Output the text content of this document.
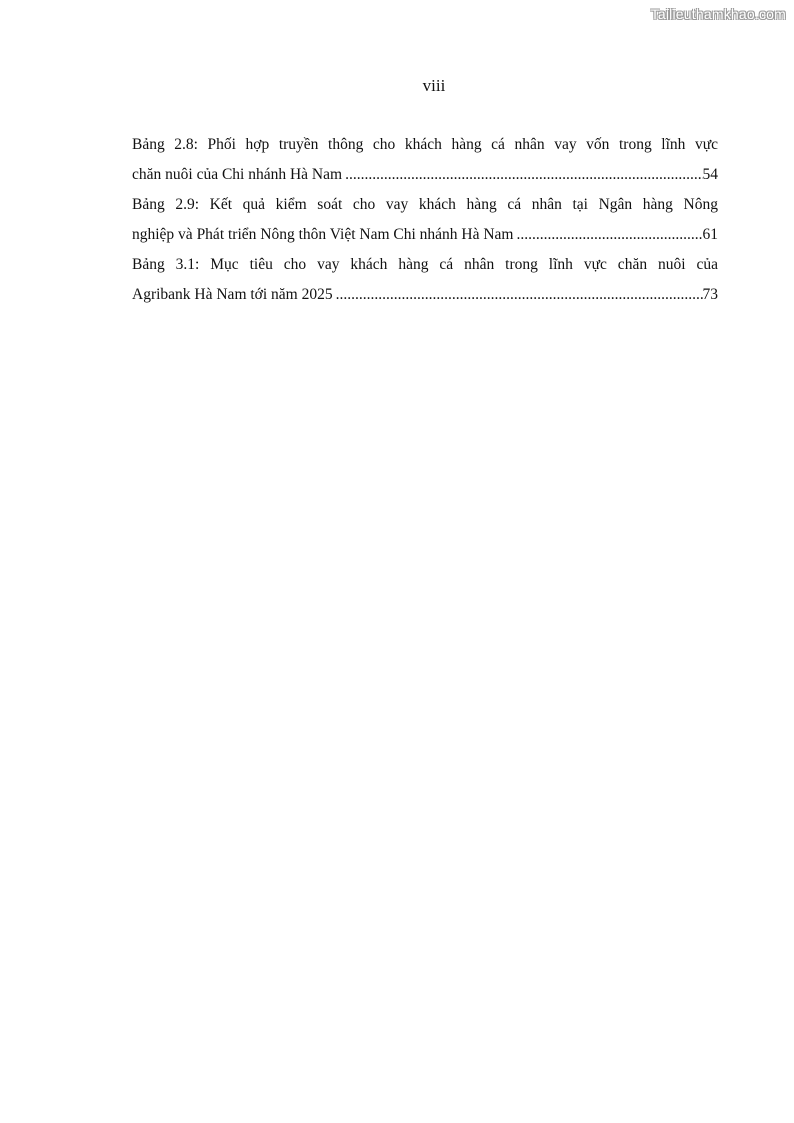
Tailieuthamkhao.com
viii
Bảng 2.8: Phối hợp truyền thông cho khách hàng cá nhân vay vốn trong lĩnh vực
chăn nuôi của Chi nhánh Hà Nam .....	54
Bảng 2.9: Kết quả kiểm soát cho vay khách hàng cá nhân tại Ngân hàng Nông
nghiệp và Phát triển Nông thôn Việt Nam Chi nhánh Hà Nam .....	61
Bảng 3.1: Mục tiêu cho vay khách hàng cá nhân trong lĩnh vực chăn nuôi của
Agribank Hà Nam tới năm 2025 .....	73
